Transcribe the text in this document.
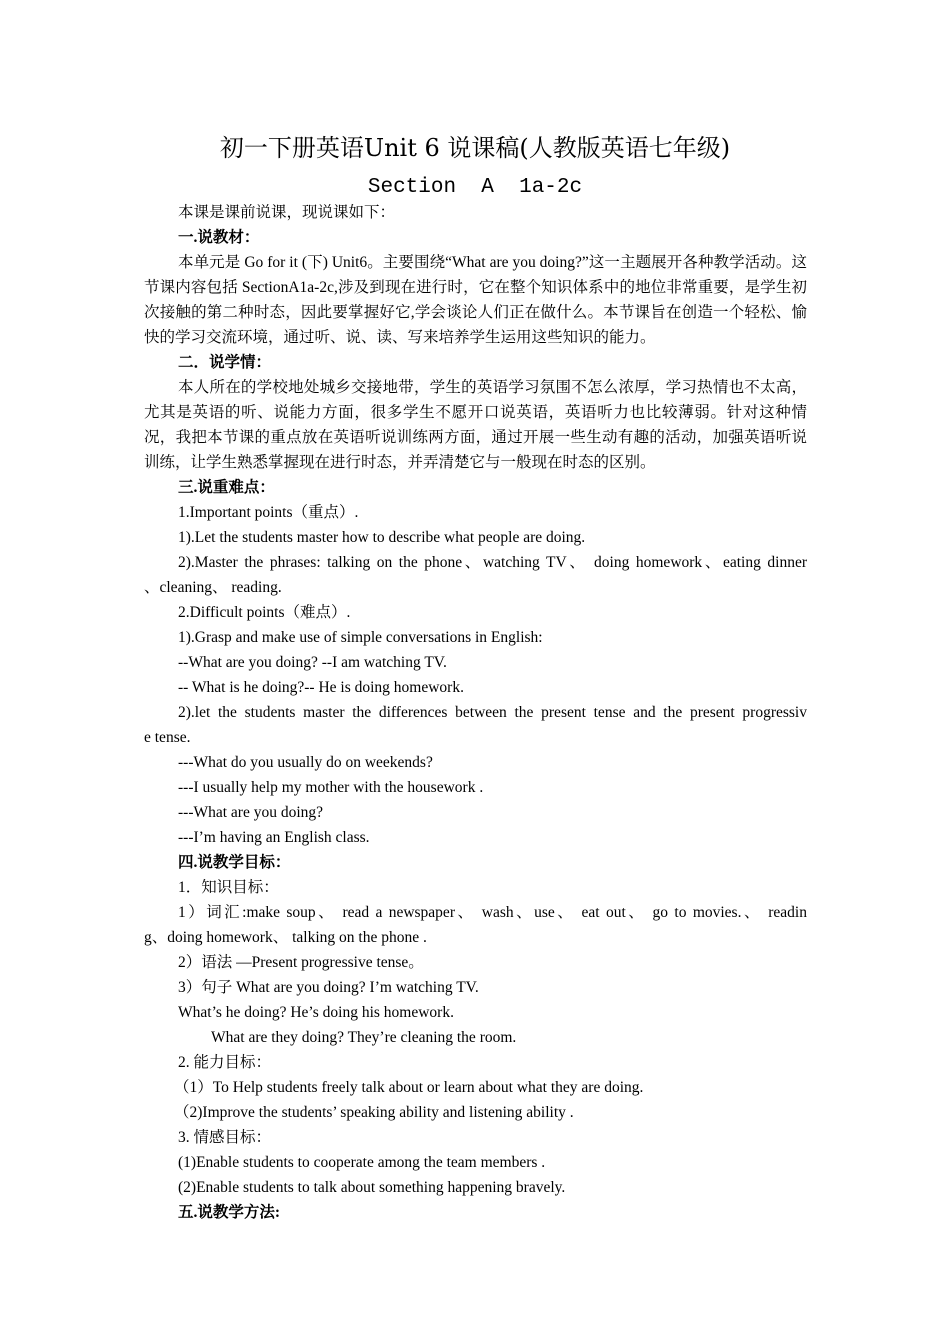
初一下册英语Unit 6 说课稿(人教版英语七年级)
Section  A  1a-2c

本课是课前说课，现说课如下：

一.说教材：

本单元是 Go for it (下) Unit6。主要围绕“What are you doing?”这一主题展开各种教学活动。这节课内容包括 SectionA1a-2c,涉及到现在进行时，它在整个知识体系中的地位非常重要，是学生初次接触的第二种时态，因此要掌握好它,学会谈论人们正在做什么。本节课旨在创造一个轻松、愉快的学习交流环境，通过听、说、读、写来培养学生运用这些知识的能力。

二．说学情：

本人所在的学校地处城乡交接地带，学生的英语学习氛围不怎么浓厚，学习热情也不太高，尤其是英语的听、说能力方面，很多学生不愿开口说英语，英语听力也比较薄弱。针对这种情况，我把本节课的重点放在英语听说训练两方面，通过开展一些生动有趣的活动，加强英语听说训练，让学生熟悉掌握现在进行时态，并弄清楚它与一般现在时态的区别。

三.说重难点：

1.Important points（重点）.

1).Let the students master how to describe what people are doing.

2).Master the phrases: talking on the phone、watching TV、 doing homework、eating dinner

、cleaning、 reading.

2.Difficult points（难点）.

1).Grasp and make use of simple conversations in English:

--What are you doing? --I am watching TV.

-- What is he doing?-- He is doing homework.

2).let the students master the differences between the present tense and the present progressiv

e tense.

---What do you usually do on weekends?

---I usually help my mother with the housework .

---What are you doing?

---I’m having an English class.

四.说教学目标：

1．知识目标：

1）词汇:make soup、 read a newspaper、 wash、use、 eat out、 go to movies.、 readin

g、doing homework、 talking on the phone .

2）语法 —Present progressive tense。

3）句子 What are you doing? I’m watching TV.

What’s he doing? He’s doing his homework.

What are they doing? They’re cleaning the room.

2. 能力目标：

（1）To Help students freely talk about or learn about what they are doing.

（2)Improve the students’ speaking ability and listening ability .

3. 情感目标：

(1)Enable students to cooperate among the team members .

(2)Enable students to talk about something happening bravely.

五.说教学方法:
